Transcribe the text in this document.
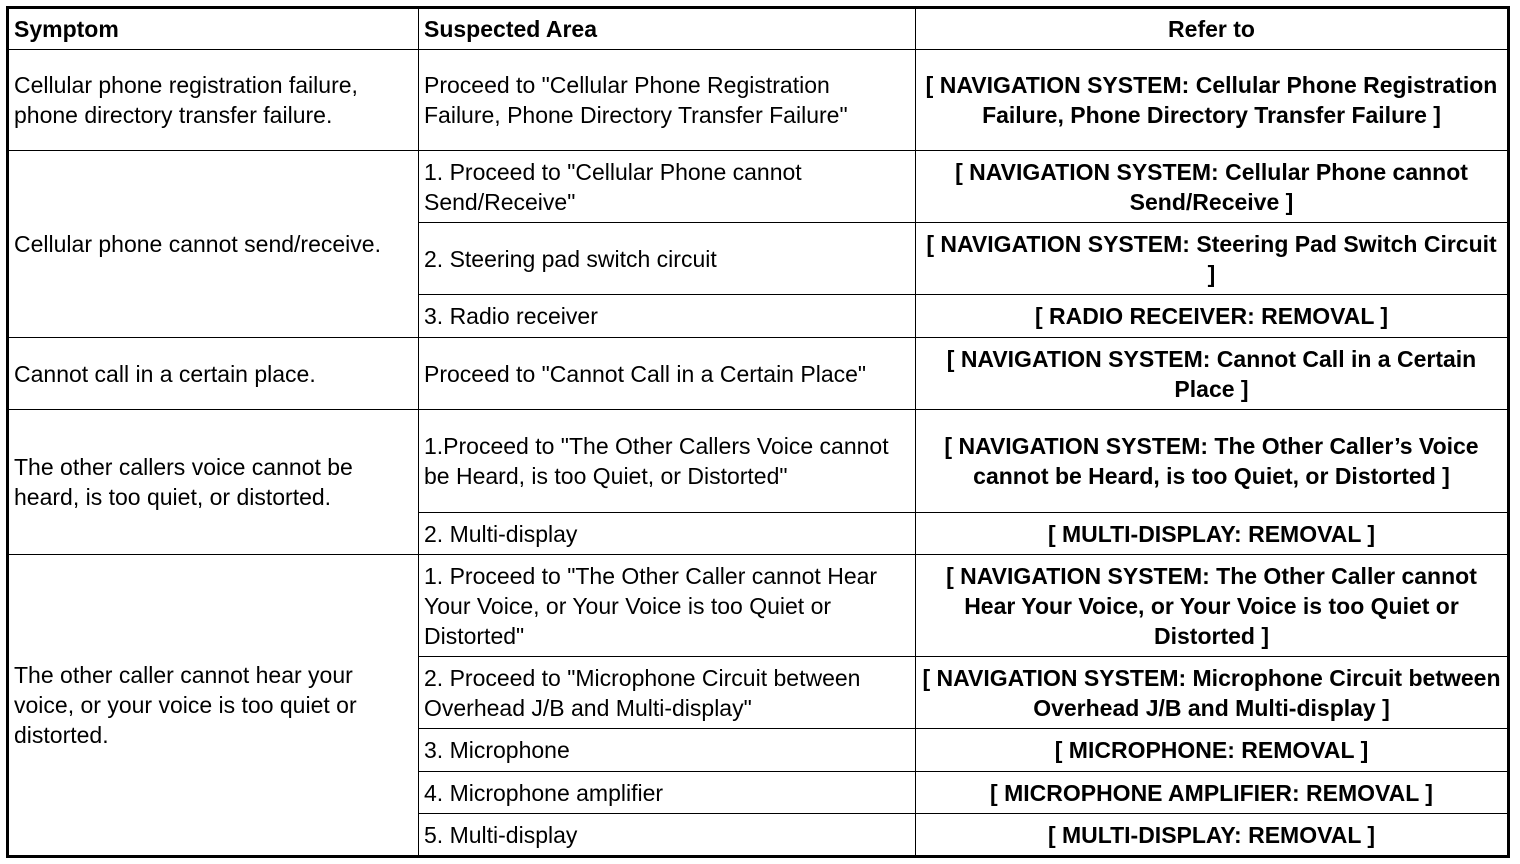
Symptom	Suspected Area	Refer to
Cellular phone registration failure, phone directory transfer failure.	Proceed to "Cellular Phone Registration Failure, Phone Directory Transfer Failure"	[ NAVIGATION SYSTEM: Cellular Phone Registration Failure, Phone Directory Transfer Failure ]
Cellular phone cannot send/receive.	1. Proceed to "Cellular Phone cannot Send/Receive"	[ NAVIGATION SYSTEM: Cellular Phone cannot Send/Receive ]
	2. Steering pad switch circuit	[ NAVIGATION SYSTEM: Steering Pad Switch Circuit ]
	3. Radio receiver	[ RADIO RECEIVER: REMOVAL ]
Cannot call in a certain place.	Proceed to "Cannot Call in a Certain Place"	[ NAVIGATION SYSTEM: Cannot Call in a Certain Place ]
The other callers voice cannot be heard, is too quiet, or distorted.	1.Proceed to "The Other Callers Voice cannot be Heard, is too Quiet, or Distorted"	[ NAVIGATION SYSTEM: The Other Caller’s Voice cannot be Heard, is too Quiet, or Distorted ]
	2. Multi-display	[ MULTI-DISPLAY: REMOVAL ]
The other caller cannot hear your voice, or your voice is too quiet or distorted.	1. Proceed to "The Other Caller cannot Hear Your Voice, or Your Voice is too Quiet or Distorted"	[ NAVIGATION SYSTEM: The Other Caller cannot Hear Your Voice, or Your Voice is too Quiet or Distorted ]
	2. Proceed to "Microphone Circuit between Overhead J/B and Multi-display"	[ NAVIGATION SYSTEM: Microphone Circuit between Overhead J/B and Multi-display ]
	3. Microphone	[ MICROPHONE: REMOVAL ]
	4. Microphone amplifier	[ MICROPHONE AMPLIFIER: REMOVAL ]
	5. Multi-display	[ MULTI-DISPLAY: REMOVAL ]
